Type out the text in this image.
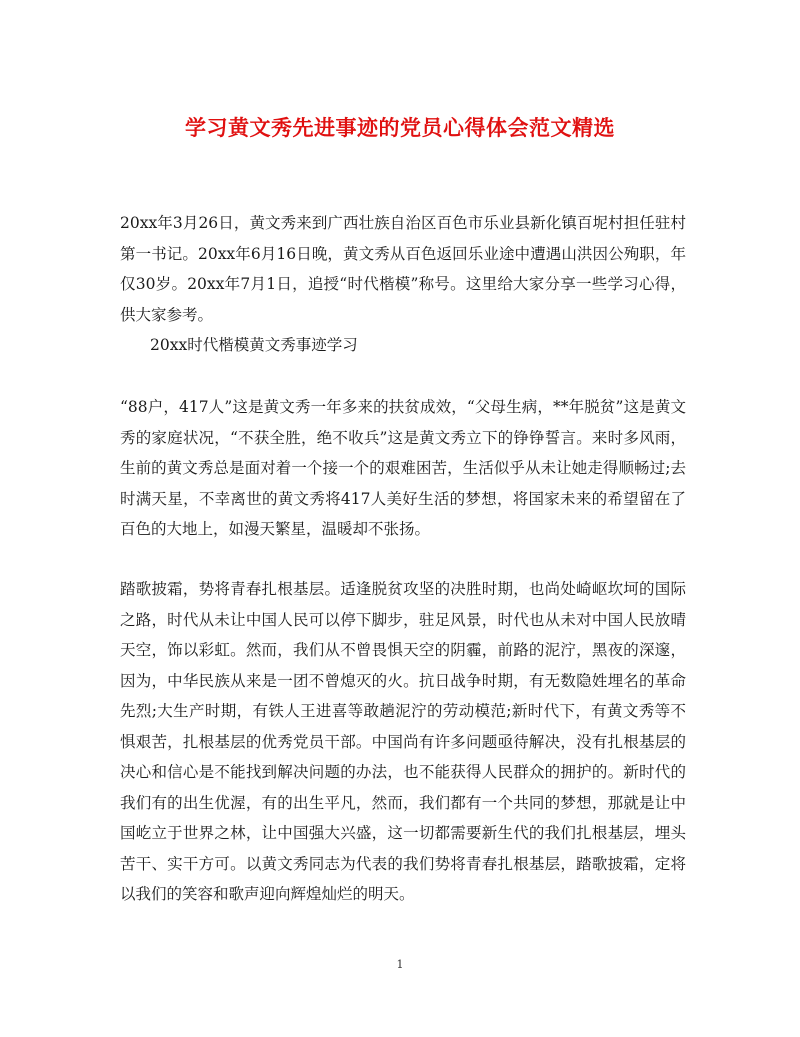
学习黄文秀先进事迹的党员心得体会范文精选

20xx年3月26日，黄文秀来到广西壮族自治区百色市乐业县新化镇百坭村担任驻村第一书记。20xx年6月16日晚，黄文秀从百色返回乐业途中遭遇山洪因公殉职，年仅30岁。20xx年7月1日，追授“时代楷模”称号。这里给大家分享一些学习心得，供大家参考。

20xx时代楷模黄文秀事迹学习

“88户，417人”这是黄文秀一年多来的扶贫成效，“父母生病，**年脱贫”这是黄文秀的家庭状况，“不获全胜，绝不收兵”这是黄文秀立下的铮铮誓言。来时多风雨，生前的黄文秀总是面对着一个接一个的艰难困苦，生活似乎从未让她走得顺畅过;去时满天星，不幸离世的黄文秀将417人美好生活的梦想，将国家未来的希望留在了百色的大地上，如漫天繁星，温暖却不张扬。

踏歌披霜，势将青春扎根基层。适逢脱贫攻坚的决胜时期，也尚处崎岖坎坷的国际之路，时代从未让中国人民可以停下脚步，驻足风景，时代也从未对中国人民放晴天空，饰以彩虹。然而，我们从不曾畏惧天空的阴霾，前路的泥泞，黑夜的深邃，因为，中华民族从来是一团不曾熄灭的火。抗日战争时期，有无数隐姓埋名的革命先烈;大生产时期，有铁人王进喜等敢趟泥泞的劳动模范;新时代下，有黄文秀等不惧艰苦，扎根基层的优秀党员干部。中国尚有许多问题亟待解决，没有扎根基层的决心和信心是不能找到解决问题的办法，也不能获得人民群众的拥护的。新时代的我们有的出生优渥，有的出生平凡，然而，我们都有一个共同的梦想，那就是让中国屹立于世界之林，让中国强大兴盛，这一切都需要新生代的我们扎根基层，埋头苦干、实干方可。以黄文秀同志为代表的我们势将青春扎根基层，踏歌披霜，定将以我们的笑容和歌声迎向辉煌灿烂的明天。

1
